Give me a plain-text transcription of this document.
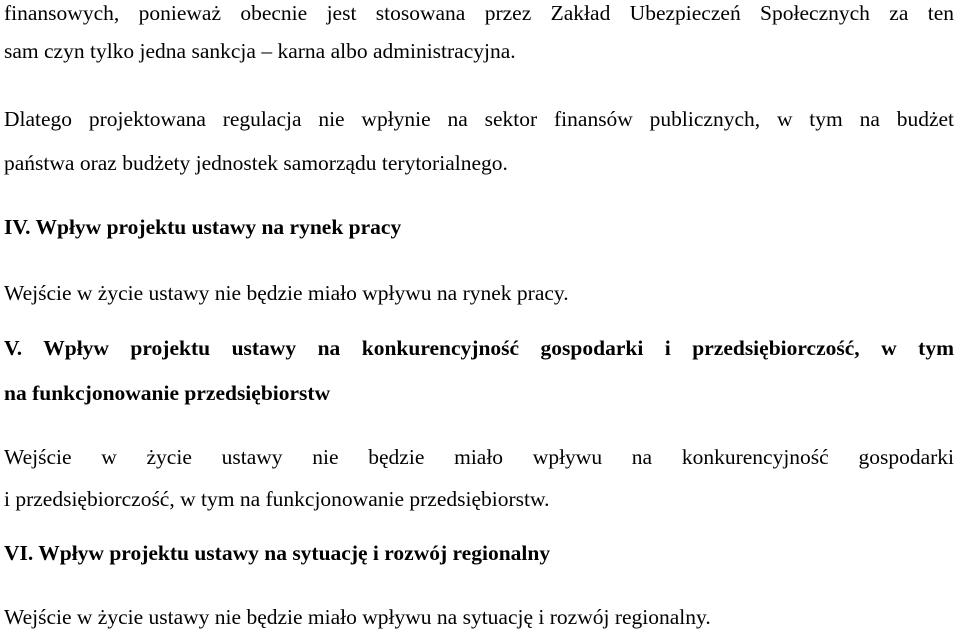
finansowych, ponieważ obecnie jest stosowana przez Zakład Ubezpieczeń Społecznych za ten
sam czyn tylko jedna sankcja – karna albo administracyjna.
Dlatego projektowana regulacja nie wpłynie na sektor finansów publicznych, w tym na budżet
państwa oraz budżety jednostek samorządu terytorialnego.
IV. Wpływ projektu ustawy na rynek pracy
Wejście w życie ustawy nie będzie miało wpływu na rynek pracy.
V. Wpływ projektu ustawy na konkurencyjność gospodarki i przedsiębiorczość, w tym
na funkcjonowanie przedsiębiorstw
Wejście w życie ustawy nie będzie miało wpływu na konkurencyjność gospodarki
i przedsiębiorczość, w tym na funkcjonowanie przedsiębiorstw.
VI. Wpływ projektu ustawy na sytuację i rozwój regionalny
Wejście w życie ustawy nie będzie miało wpływu na sytuację i rozwój regionalny.
